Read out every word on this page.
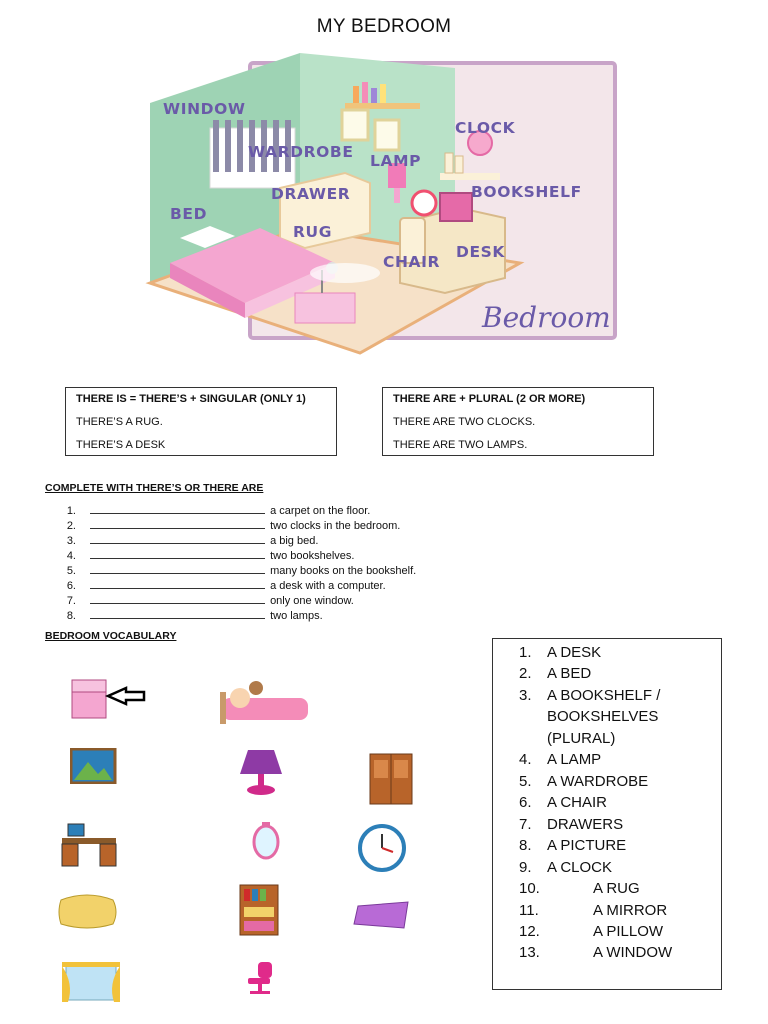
MY BEDROOM
WINDOW
WARDROBE LAMP
CLOCK
BOOKSHELF
DRAWER
BED
RUG
CHAIR
DESK
Bedroom
THERE IS = THERE’S + SINGULAR (ONLY 1)
THERE’S A RUG.
THERE’S A DESK
THERE ARE + PLURAL (2 OR MORE)
THERE ARE TWO CLOCKS.
THERE ARE TWO LAMPS.
COMPLETE WITH THERE’S OR THERE ARE
1.	a carpet on the floor.
2.	two clocks in the bedroom.
3.	a big bed.
4.	two bookshelves.
5.	many books on the bookshelf.
6.	a desk with a computer.
7.	only one window.
8.	two lamps.
BEDROOM VOCABULARY
1.	A DESK
2.	A BED
3.	A BOOKSHELF /
BOOKSHELVES
(PLURAL)
4.	A LAMP
5.	A WARDROBE
6.	A CHAIR
7.	DRAWERS
8.	A PICTURE
9.	A CLOCK
10.	A RUG
11.	A MIRROR
12.	A PILLOW
13.	A WINDOW
